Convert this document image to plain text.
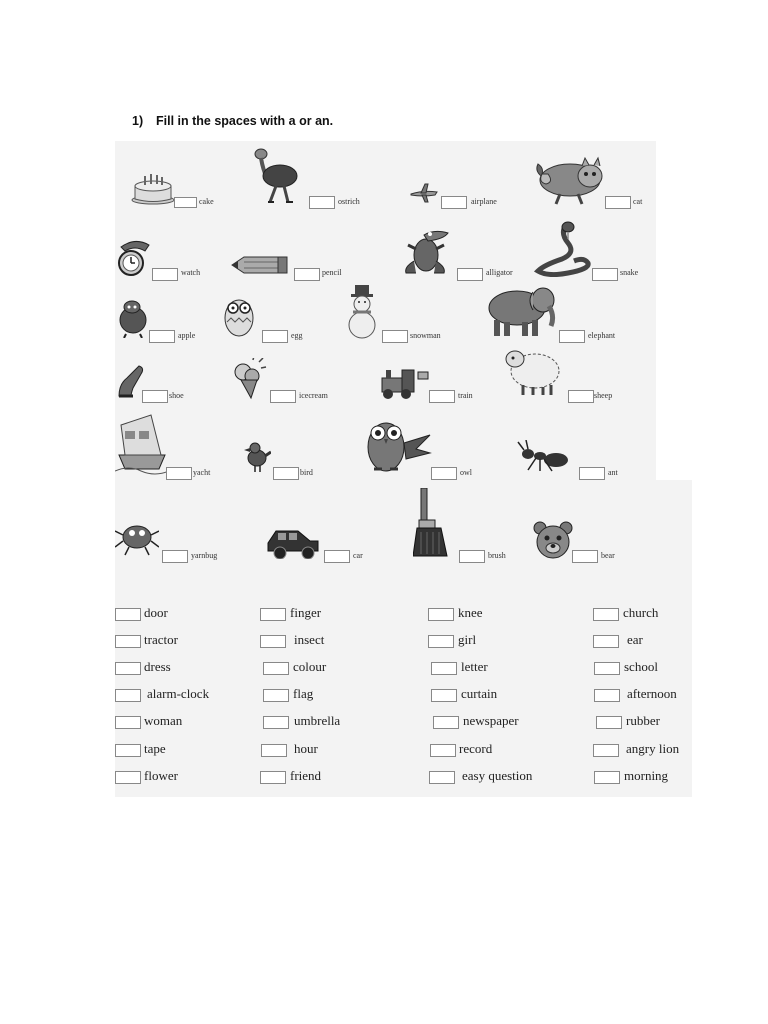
1) Fill in the spaces with a or an.
cake	ostrich	airplane	cat
watch	pencil	alligator	snake
apple	egg	snowman	elephant
shoe	icecream	train	sheep
yacht	bird	owl	ant
yarnbug	car	brush	bear
door	finger	knee	church
tractor	insect	girl	ear
dress	colour	letter	school
alarm-clock	flag	curtain	afternoon
woman	umbrella	newspaper	rubber
tape	hour	record	angry lion
flower	friend	easy question	morning
